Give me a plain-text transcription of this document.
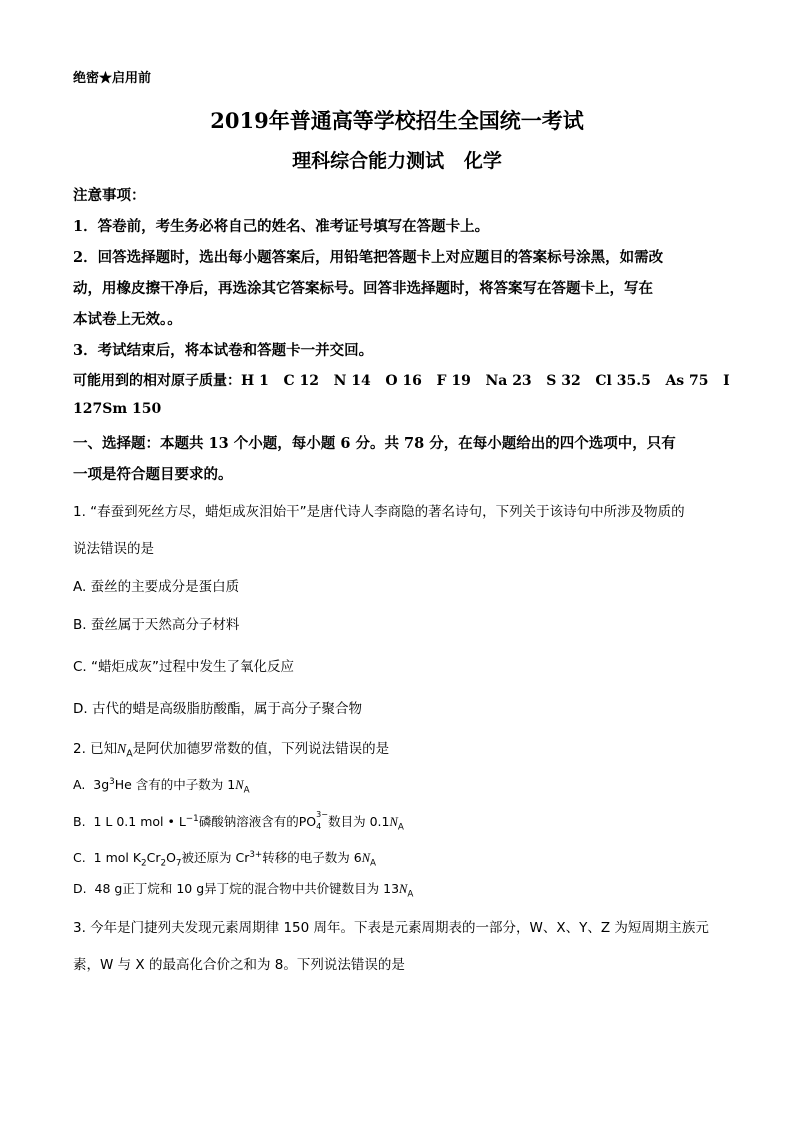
绝密★启用前
2019年普通高等学校招生全国统一考试
理科综合能力测试   化学
注意事项：
1．答卷前，考生务必将自己的姓名、准考证号填写在答题卡上。
2．回答选择题时，选出每小题答案后，用铅笔把答题卡上对应题目的答案标号涂黑，如需改
动，用橡皮擦干净后，再选涂其它答案标号。回答非选择题时，将答案写在答题卡上，写在
本试卷上无效。。
3．考试结束后，将本试卷和答题卡一并交回。
可能用到的相对原子质量：H 1   C 12   N 14   O 16   F 19   Na 23   S 32   Cl 35.5   As 75   I
127Sm 150
一、选择题：本题共 13 个小题，每小题 6 分。共 78 分，在每小题给出的四个选项中，只有
一项是符合题目要求的。
1. “春蚕到死丝方尽，蜡炬成灰泪始干”是唐代诗人李商隐的著名诗句，下列关于该诗句中所涉及物质的
说法错误的是
A. 蚕丝的主要成分是蛋白质
B. 蚕丝属于天然高分子材料
C. “蜡炬成灰”过程中发生了氧化反应
D. 古代的蜡是高级脂肪酸酯，属于高分子聚合物
2. 已知$N_A$是阿伏加德罗常数的值，下列说法错误的是
A.  $3g^3He$ 含有的中子数为 $1N_A$
B.  1 L 0.1 mol • $L^{-1}$磷酸钠溶液含有的PO 3−
4 数目为 $0.1N_A$
C.  1 mol $K_2Cr_2O_7$被还原为 $Cr^{3+}$转移的电子数为 $6N_A$
D.  48 g正丁烷和 10 g异丁烷的混合物中共价键数目为 $13N_A$
3. 今年是门捷列夫发现元素周期律 150 周年。下表是元素周期表的一部分，W、X、Y、Z 为短周期主族元
素，W 与 X 的最高化合价之和为 8。下列说法错误的是
